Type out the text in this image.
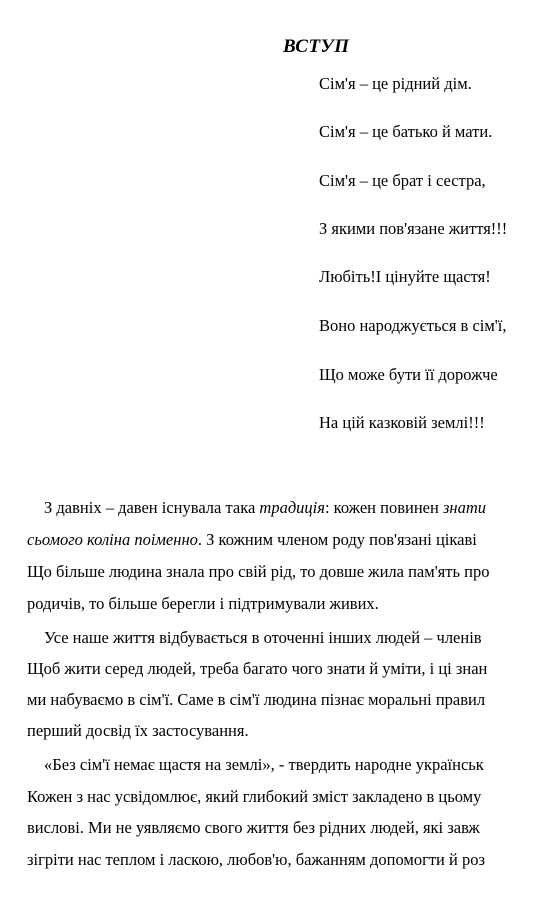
ВСТУП
Сім'я – це рідний дім.
Сім'я – це батько й мати.
Сім'я – це брат і сестра,
З якими пов'язане життя!!!
Любіть!І цінуйте щастя!
Воно народжується в сім'ї,
Що може бути її дорожче
На цій казковій землі!!!
З давніх – давен існувала така традиція: кожен повинен знати
сьомого коліна поіменно. З кожним членом роду пов'язані цікаві
Що більше людина знала про свій рід, то довше жила пам'ять про
родичів, то більше берегли і підтримували живих.
Усе наше життя відбувається в оточенні інших людей – членів
Щоб жити серед людей, треба багато чого знати й уміти, і ці знан
ми набуваємо в сім'ї. Саме в сім'ї людина пізнає моральні правил
перший досвід їх застосування.
«Без сім'ї немає щастя на землі», - твердить народне українськ
Кожен з нас усвідомлює, який глибокий зміст закладено в цьому
вислові. Ми не уявляємо свого життя без рідних людей, які завж
зігріти нас теплом і ласкою, любов'ю, бажанням допомогти й роз
